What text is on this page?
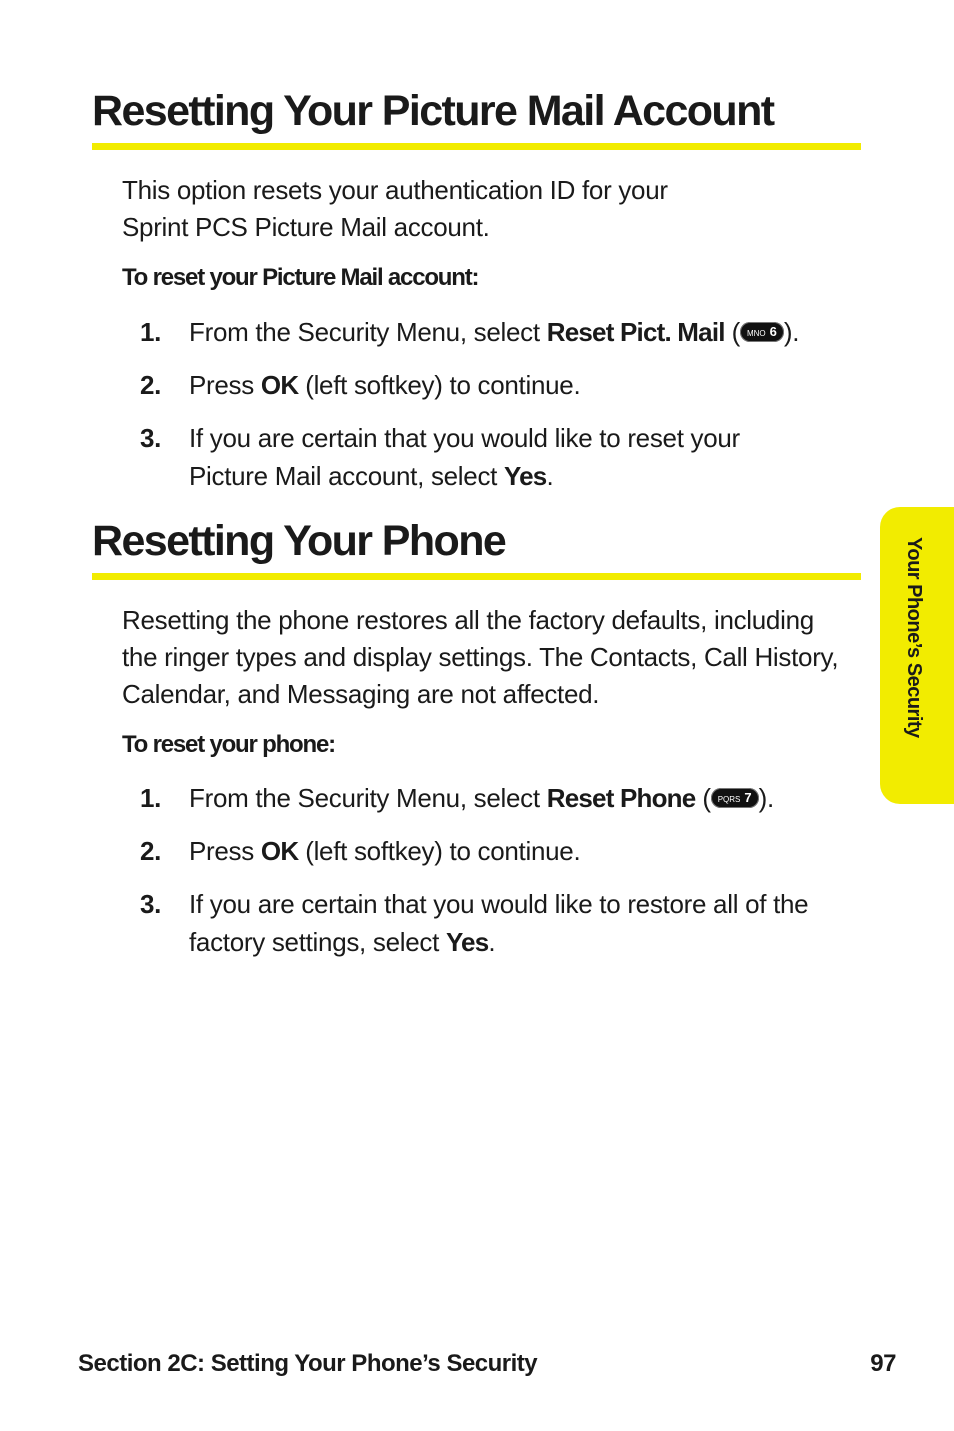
Resetting Your Picture Mail Account

This option resets your authentication ID for your
Sprint PCS Picture Mail account.

To reset your Picture Mail account:

1. From the Security Menu, select Reset Pict. Mail ( MNO 6 ).
2. Press OK (left softkey) to continue.
3. If you are certain that you would like to reset your
Picture Mail account, select Yes.
Resetting Your Phone

Resetting the phone restores all the factory defaults, including
the ringer types and display settings. The Contacts, Call History,
Calendar, and Messaging are not affected.

To reset your phone:

1. From the Security Menu, select Reset Phone ( PQRS 7 ).
2. Press OK (left softkey) to continue.
3. If you are certain that you would like to restore all of the
factory settings, select Yes.
Your Phone’s Security

Section 2C: Setting Your Phone’s Security	97
